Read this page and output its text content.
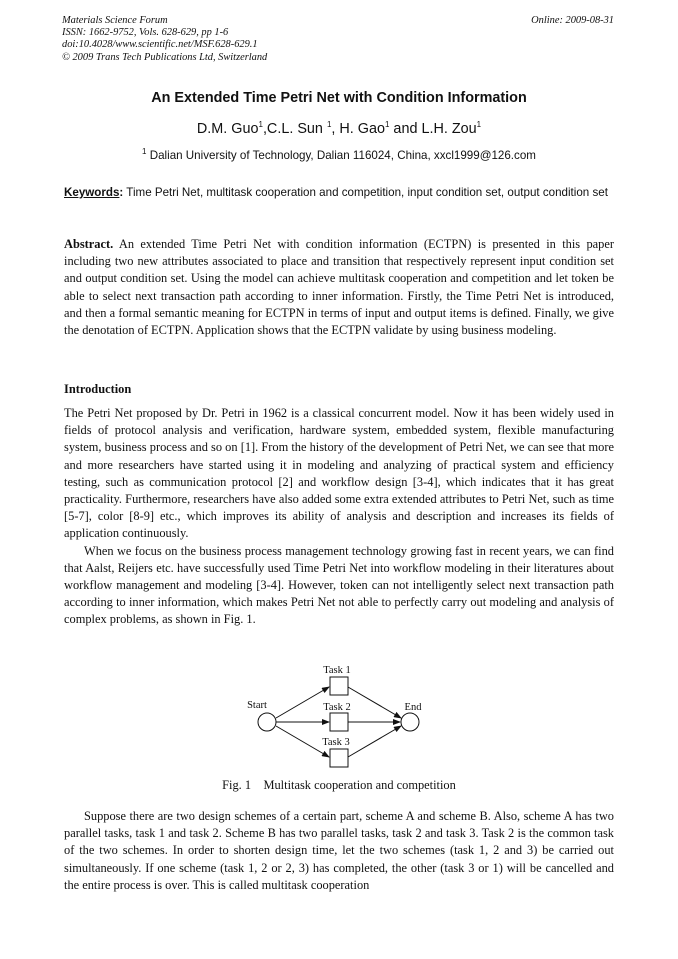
Materials Science Forum
ISSN: 1662-9752, Vols. 628-629, pp 1-6
doi:10.4028/www.scientific.net/MSF.628-629.1
© 2009 Trans Tech Publications Ltd, Switzerland
Online: 2009-08-31
An Extended Time Petri Net with Condition Information
D.M. Guo$^1$,C.L. Sun $^1$, H. Gao$^1$ and L.H. Zou$^1$
$^1$ Dalian University of Technology, Dalian 116024, China, xxcl1999@126.com
Keywords: Time Petri Net, multitask cooperation and competition, input condition set, output condition set
Abstract. An extended Time Petri Net with condition information (ECTPN) is presented in this paper including two new attributes associated to place and transition that respectively represent input condition set and output condition set. Using the model can achieve multitask cooperation and competition and let token be able to select next transaction path according to inner information. Firstly, the Time Petri Net is introduced, and then a formal semantic meaning for ECTPN in terms of input and output items is defined. Finally, we give the denotation of ECTPN. Application shows that the ECTPN validate by using business modeling.
Introduction

The Petri Net proposed by Dr. Petri in 1962 is a classical concurrent model. Now it has been widely used in fields of protocol analysis and verification, hardware system, embedded system, flexible manufacturing system, business process and so on [1]. From the history of the development of Petri Net, we can see that more and more researchers have started using it in modeling and analyzing of practical system and efficiency testing, such as communication protocol [2] and workflow design [3-4], which indicates that it has great practicality. Furthermore, researchers have also added some extra extended attributes to Petri Net, such as time [5-7], color [8-9] etc., which improves its ability of analysis and description and increases its fields of application continuously.

When we focus on the business process management technology growing fast in recent years, we can find that Aalst, Reijers etc. have successfully used Time Petri Net into workflow modeling in their literatures about workflow management and modeling [3-4]. However, token can not intelligently select next transaction path according to inner information, which makes Petri Net not able to perfectly carry out modeling and analysis of complex problems, as shown in Fig. 1.

Task 1
Task 2
Task 3
Start	End
Fig. 1    Multitask cooperation and competition
Suppose there are two design schemes of a certain part, scheme A and scheme B. Also, scheme A has two parallel tasks, task 1 and task 2. Scheme B has two parallel tasks, task 2 and task 3. Task 2 is the common task of the two schemes. In order to shorten design time, let the two schemes (task 1, 2 and 3) be carried out simultaneously. If one scheme (task 1, 2 or 2, 3) has completed, the other (task 3 or 1) will be cancelled and the entire process is over. This is called multitask cooperation
